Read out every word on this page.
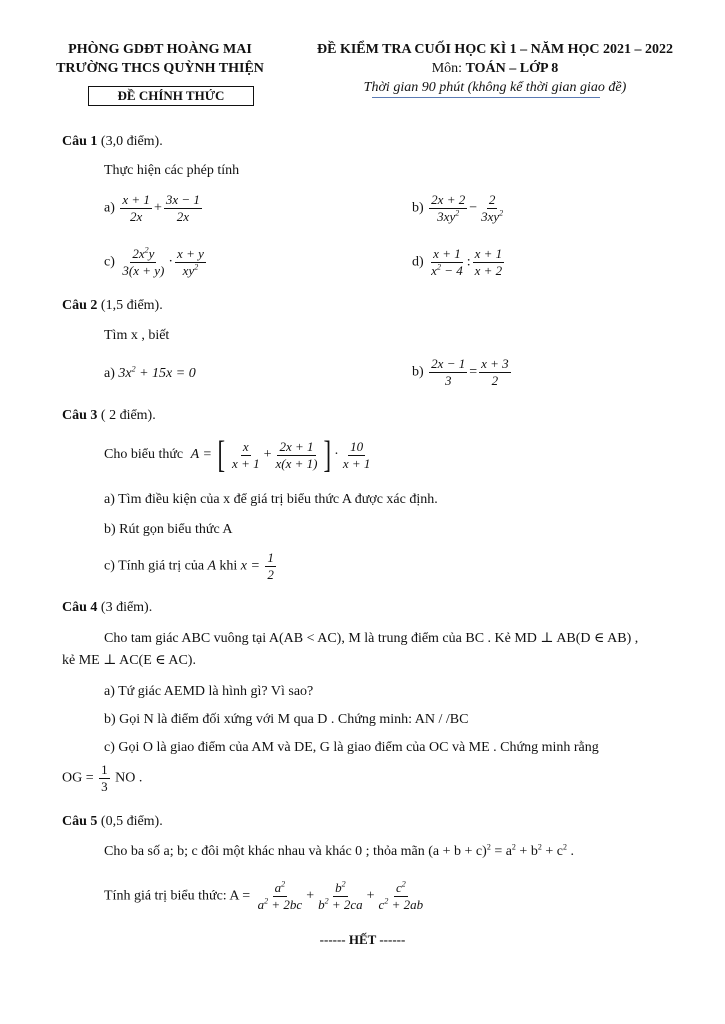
PHÒNG GDĐT HOÀNG MAI
TRƯỜNG THCS QUỲNH THIỆN
ĐỀ CHÍNH THỨC
ĐỀ KIỂM TRA CUỐI HỌC KÌ 1 – NĂM HỌC 2021 – 2022
Môn: TOÁN – LỚP 8
Thời gian 90 phút (không kể thời gian giao đề)
Câu 1 (3,0 điểm).
Thực hiện các phép tính
$a) \frac{x + 1}{2x} + \frac{3x - 1}{2x}$	$b) \frac{2x + 2}{3xy^2} - \frac{2}{3xy^2}$
$c) \frac{2x^2y}{3(x + y)} \cdot \frac{x + y}{xy^2}$	$d) \frac{x + 1}{x^2 - 4}$ : $\frac{x + 1}{x + 2}$
Câu 2 (1,5 điểm).
Tìm x , biết
a) $3x^2 + 15x = 0$	$b) \frac{2x - 1}{3} = \frac{x + 3}{2}$
Câu 3 ( 2 điểm).
Cho biểu thức A = [ $\frac{x}{x + 1} + \frac{2x + 1}{x(x + 1)}$ ] · $\frac{10}{x + 1}$
a) Tìm điều kiện của x để giá trị biểu thức A được xác định.
b) Rút gọn biểu thức A
c) Tính giá trị của A khi $x = \frac{1}{2}$
Câu 4 (3 điểm).
Cho tam giác ABC vuông tại A(AB < AC), M là trung điểm của BC . Kẻ MD ⊥ AB(D ∈ AB) ,
kẻ ME ⊥ AC(E ∈ AC).
a) Tứ giác AEMD là hình gì? Vì sao?
b) Gọi N là điểm đối xứng với M qua D . Chứng minh: AN / /BC
c) Gọi O là giao điểm của AM và DE, G là giao điểm của OC và ME . Chứng minh rằng
OG = $\frac{1}{3}$ NO .
Câu 5 (0,5 điểm).
Cho ba số a; b; c đôi một khác nhau và khác 0 ; thỏa mãn $(a + b + c)^2 = a^2 + b^2 + c^2$ .
Tính giá trị biểu thức: $A = \frac{a^2}{a^2 + 2bc} + \frac{b^2}{b^2 + 2ca} + \frac{c^2}{c^2 + 2ab}$
------ HẾT ------
